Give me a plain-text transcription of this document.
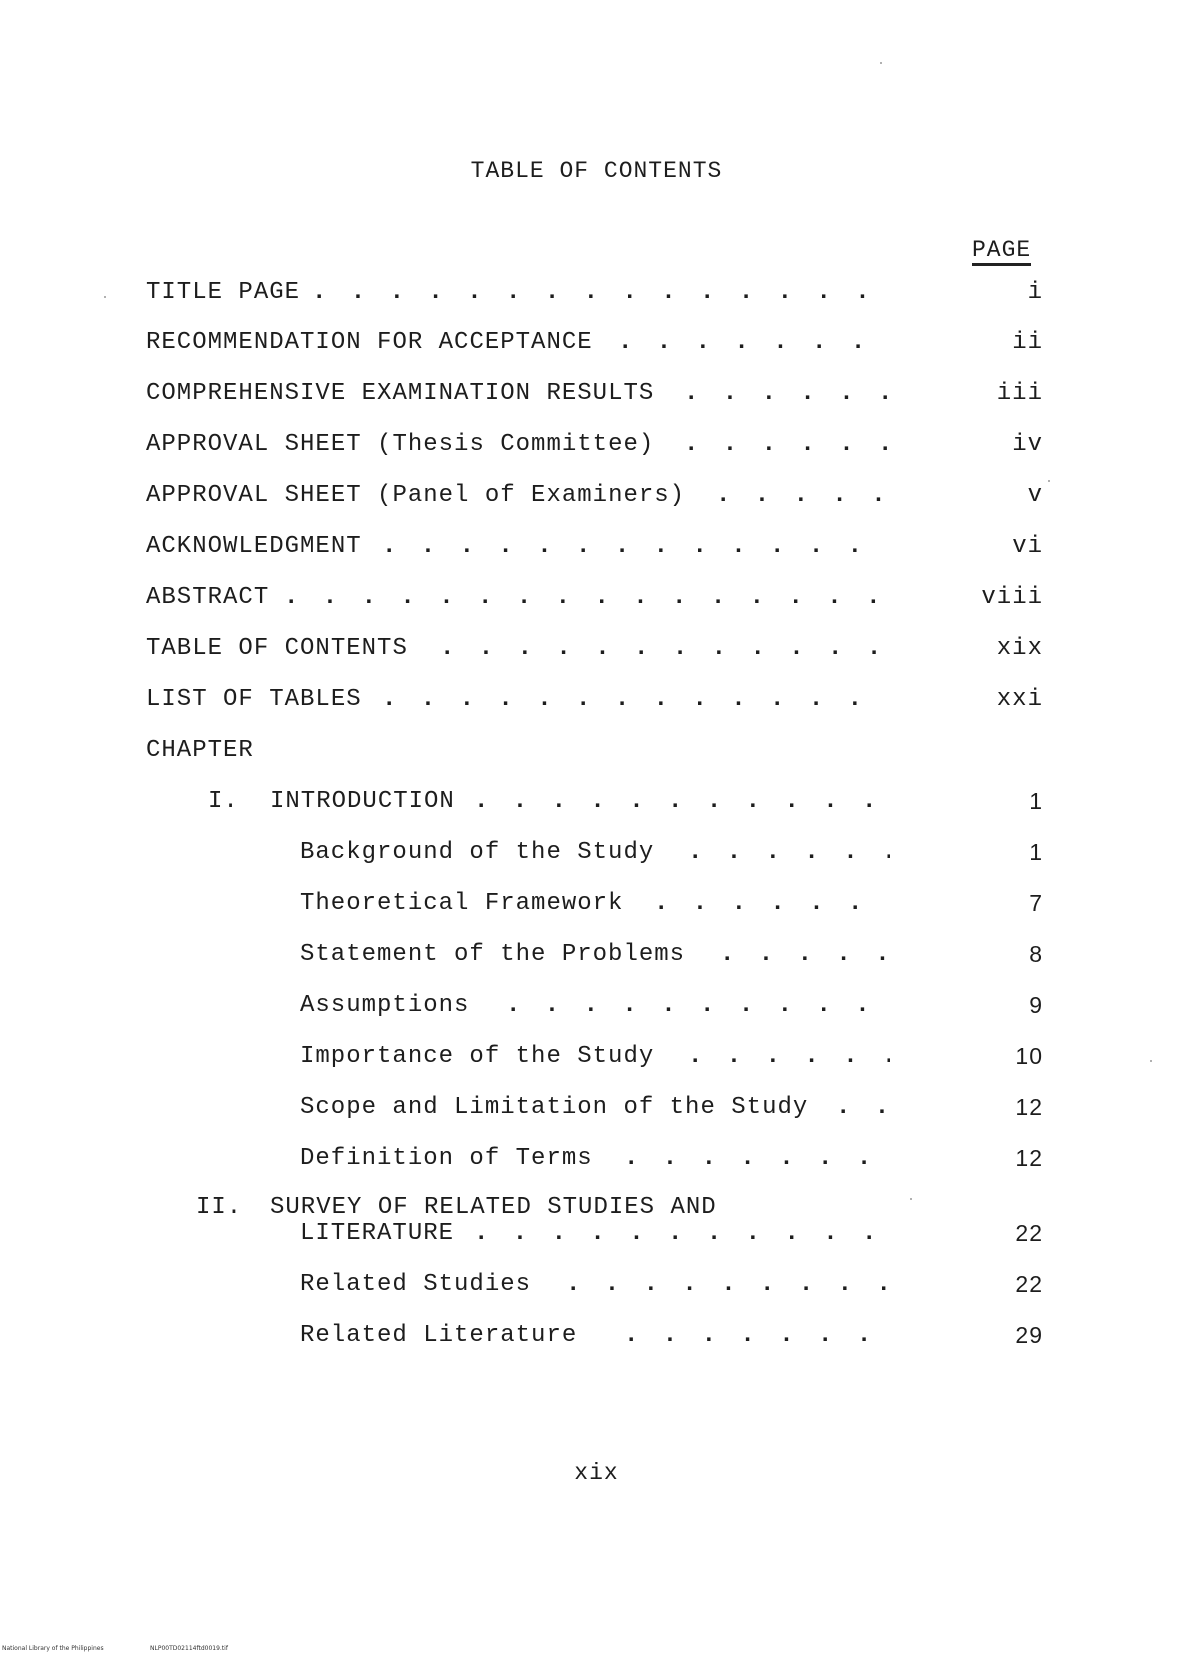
TABLE OF CONTENTS
PAGE
TITLE PAGE . . .	i
RECOMMENDATION FOR ACCEPTANCE . . .	ii
COMPREHENSIVE EXAMINATION RESULTS . . .	iii
APPROVAL SHEET (Thesis Committee) . . .	iv
APPROVAL SHEET (Panel of Examiners) . . .	v
ACKNOWLEDGMENT . . .	vi
ABSTRACT . . .	viii
TABLE OF CONTENTS . . .	xix
LIST OF TABLES . . .	xxi
CHAPTER
I. INTRODUCTION . . .	1
Background of the Study . . .	1
Theoretical Framework . . .	7
Statement of the Problems . . .	8
Assumptions . . .	9
Importance of the Study . . .	10
Scope and Limitation of the Study . . .	12
Definition of Terms . . .	12
II. SURVEY OF RELATED STUDIES AND
LITERATURE . . .	22
Related Studies . . .	22
Related Literature . . .	29
xix
National Library of the Philippines	NLP00TD02114ftd0019.tif
